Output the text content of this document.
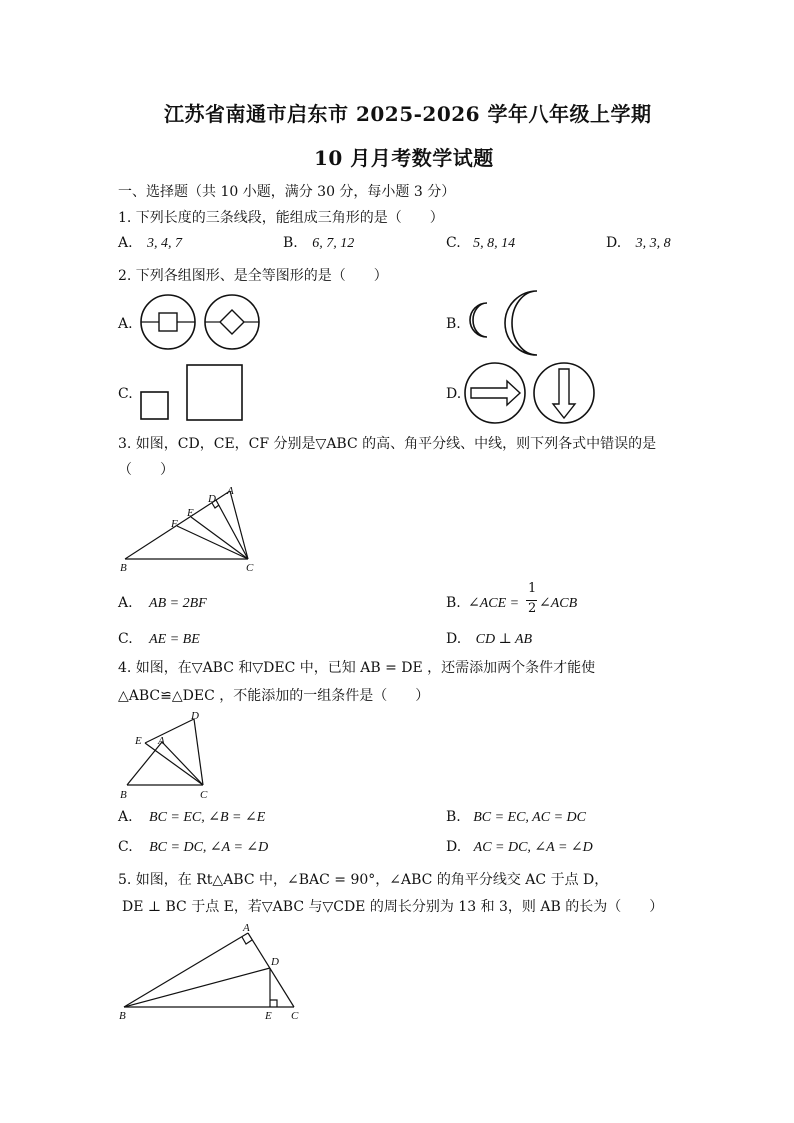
江苏省南通市启东市 2025-2026 学年八年级上学期
10 月月考数学试题
一、选择题（共 10 小题，满分 30 分，每小题 3 分）
1. 下列长度的三条线段，能组成三角形的是（　　）
A. 3, 4, 7	B. 6, 7, 12	C. 5, 8, 14	D. 3, 3, 8
2. 下列各组图形、是全等图形的是（　　）
A.	B.
C.	D.
3. 如图，CD，CE，CF 分别是▽ABC 的高、角平分线、中线，则下列各式中错误的是
（　　）
A
D
E
F
B	C
A. AB = 2BF	B. ∠ACE =
1
2 ∠ACB
C. AE = BE	D. CD ⊥ AB
4. 如图，在▽ABC 和▽DEC 中，已知 AB = DE ，还需添加两个条件才能使
△ABC≌△DEC ，不能添加的一组条件是（　　）
D
E A
B	C
A. BC = EC, ∠B = ∠E	B. BC = EC, AC = DC
C. BC = DC, ∠A = ∠D	D. AC = DC, ∠A = ∠D
5. 如图，在 Rt△ABC 中，∠BAC = 90°，∠ABC 的角平分线交 AC 于点 D，
DE ⊥ BC 于点 E，若▽ABC 与▽CDE 的周长分别为 13 和 3，则 AB 的长为（　　）
A
D
B	E C
